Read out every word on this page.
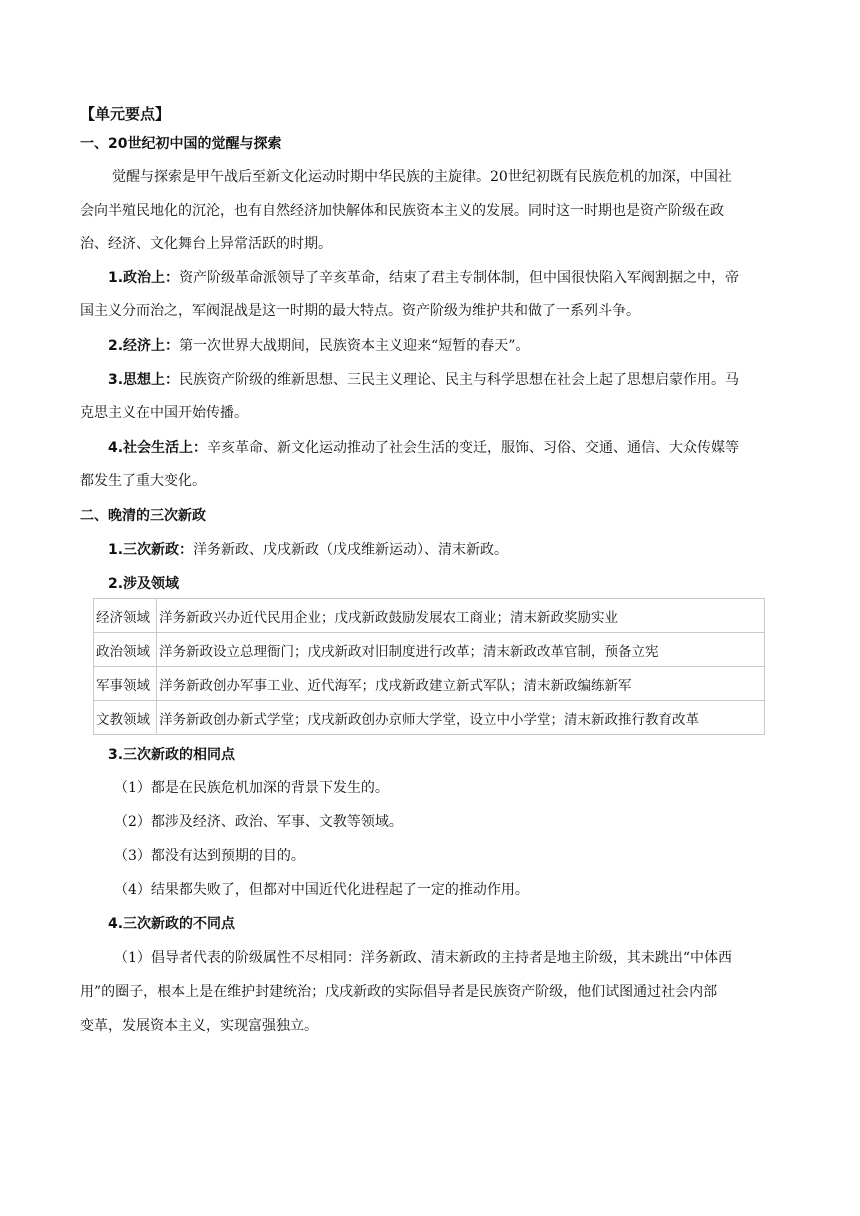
【单元要点】
一、20世纪初中国的觉醒与探索
觉醒与探索是甲午战后至新文化运动时期中华民族的主旋律。20世纪初既有民族危机的加深，中国社
会向半殖民地化的沉沦，也有自然经济加快解体和民族资本主义的发展。同时这一时期也是资产阶级在政
治、经济、文化舞台上异常活跃的时期。
1.政治上：资产阶级革命派领导了辛亥革命，结束了君主专制体制，但中国很快陷入军阀割据之中，帝
国主义分而治之，军阀混战是这一时期的最大特点。资产阶级为维护共和做了一系列斗争。
2.经济上：第一次世界大战期间，民族资本主义迎来“短暂的春天”。
3.思想上：民族资产阶级的维新思想、三民主义理论、民主与科学思想在社会上起了思想启蒙作用。马
克思主义在中国开始传播。
4.社会生活上：辛亥革命、新文化运动推动了社会生活的变迁，服饰、习俗、交通、通信、大众传媒等
都发生了重大变化。
二、晚清的三次新政
1.三次新政：洋务新政、戊戌新政（戊戌维新运动）、清末新政。
2.涉及领域
经济领域	洋务新政兴办近代民用企业；戊戌新政鼓励发展农工商业；清末新政奖励实业
政治领域	洋务新政设立总理衙门；戊戌新政对旧制度进行改革；清末新政改革官制，预备立宪
军事领域	洋务新政创办军事工业、近代海军；戊戌新政建立新式军队；清末新政编练新军
文教领域	洋务新政创办新式学堂；戊戌新政创办京师大学堂，设立中小学堂；清末新政推行教育改革
3.三次新政的相同点
（1）都是在民族危机加深的背景下发生的。
（2）都涉及经济、政治、军事、文教等领域。
（3）都没有达到预期的目的。
（4）结果都失败了，但都对中国近代化进程起了一定的推动作用。
4.三次新政的不同点
（1）倡导者代表的阶级属性不尽相同：洋务新政、清末新政的主持者是地主阶级，其未跳出“中体西
用”的圈子，根本上是在维护封建统治；戊戌新政的实际倡导者是民族资产阶级，他们试图通过社会内部
变革，发展资本主义，实现富强独立。
